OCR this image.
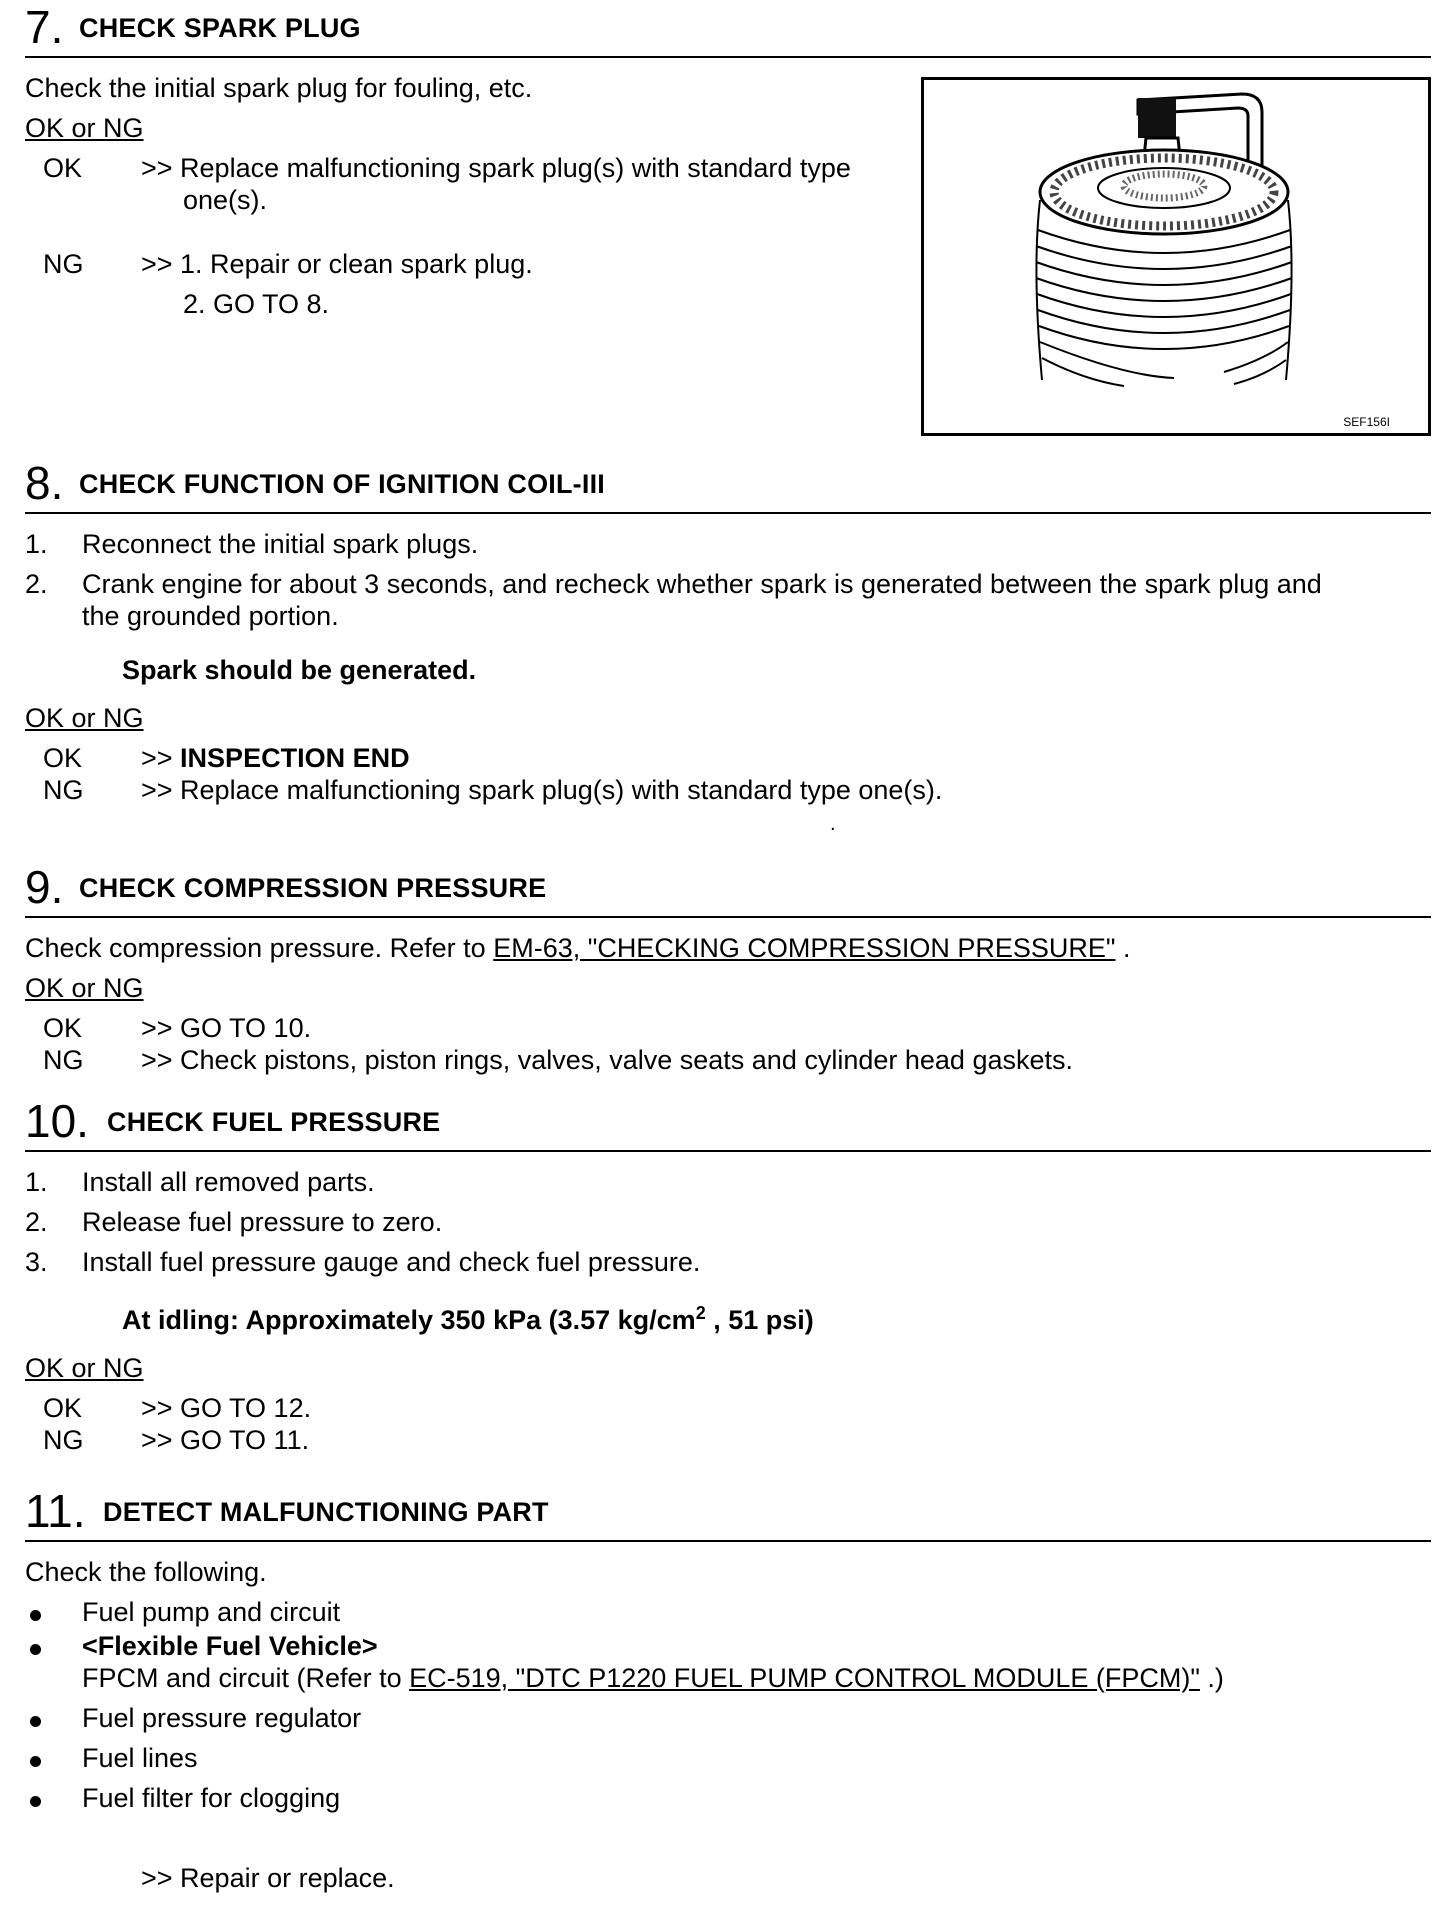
7. CHECK SPARK PLUG
Check the initial spark plug for fouling, etc.
OK or NG
OK >> Replace malfunctioning spark plug(s) with standard type
one(s).
NG >> 1. Repair or clean spark plug.
2. GO TO 8.
SEF156I
8. CHECK FUNCTION OF IGNITION COIL-III
1. Reconnect the initial spark plugs.
2. Crank engine for about 3 seconds, and recheck whether spark is generated between the spark plug and
the grounded portion.
Spark should be generated.
OK or NG
OK >> INSPECTION END
NG >> Replace malfunctioning spark plug(s) with standard type one(s).
.
9. CHECK COMPRESSION PRESSURE
Check compression pressure. Refer to EM-63, "CHECKING COMPRESSION PRESSURE" .
OK or NG
OK >> GO TO 10.
NG >> Check pistons, piston rings, valves, valve seats and cylinder head gaskets.
10. CHECK FUEL PRESSURE
1. Install all removed parts.
2. Release fuel pressure to zero.
3. Install fuel pressure gauge and check fuel pressure.
At idling: Approximately 350 kPa (3.57 $kg/cm^2$ , 51 psi)
OK or NG
OK >> GO TO 12.
NG >> GO TO 11.
11. DETECT MALFUNCTIONING PART
Check the following.
Fuel pump and circuit
<Flexible Fuel Vehicle>
FPCM and circuit (Refer to EC-519, "DTC P1220 FUEL PUMP CONTROL MODULE (FPCM)" .)
Fuel pressure regulator
Fuel lines
Fuel filter for clogging
>> Repair or replace.
